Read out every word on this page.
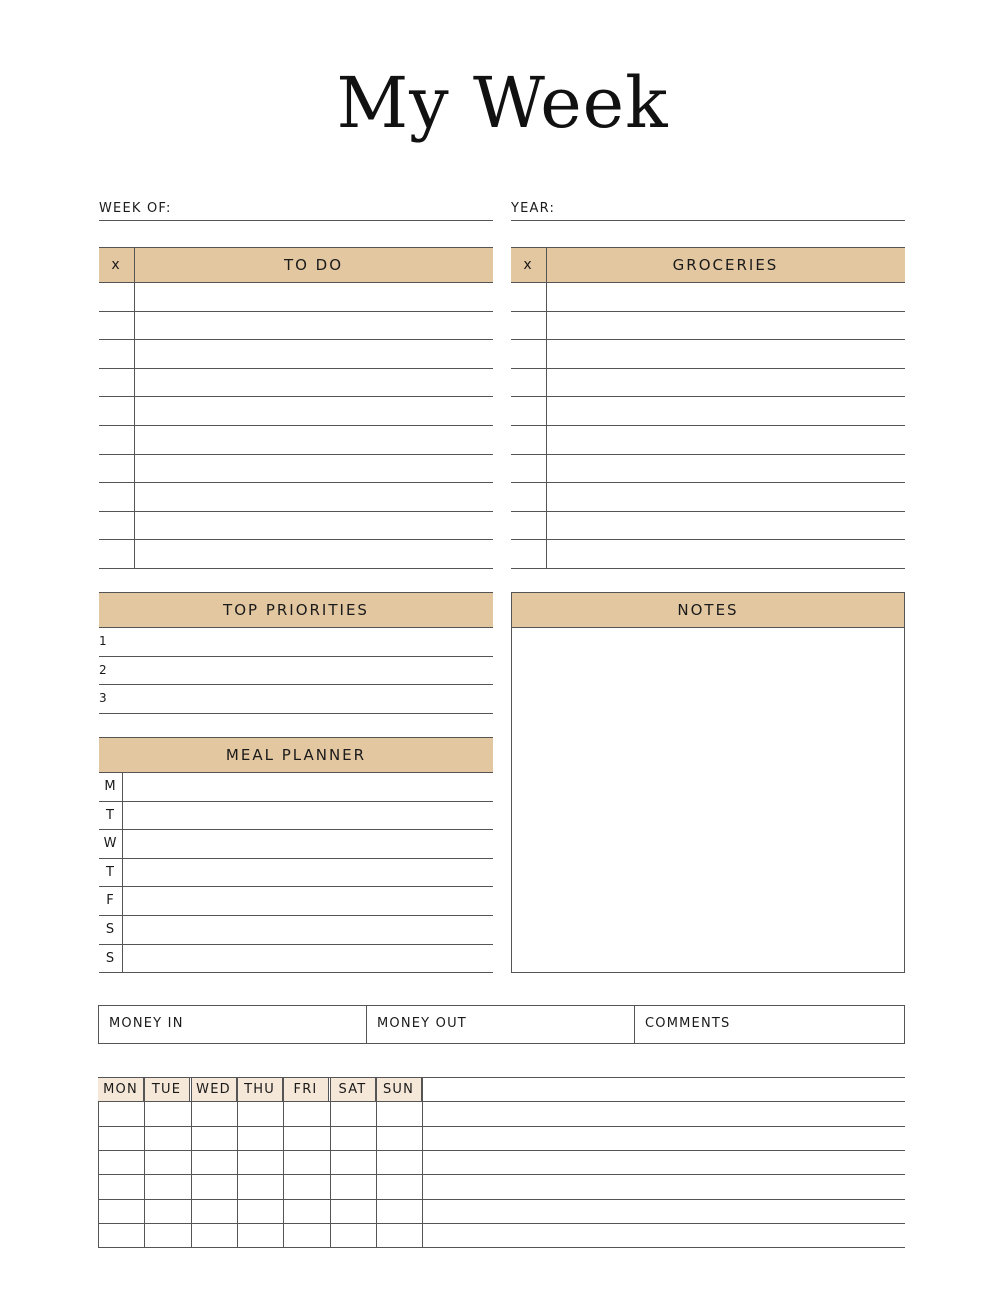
My Week
WEEK OF:	YEAR:
x	TO DO	x	GROCERIES
TOP PRIORITIES
1
2
3
NOTES
MEAL PLANNER
M
T
W
T
F
S
S
MONEY IN	MONEY OUT	COMMENTS
MON	TUE	WED	THU	FRI	SAT	SUN
